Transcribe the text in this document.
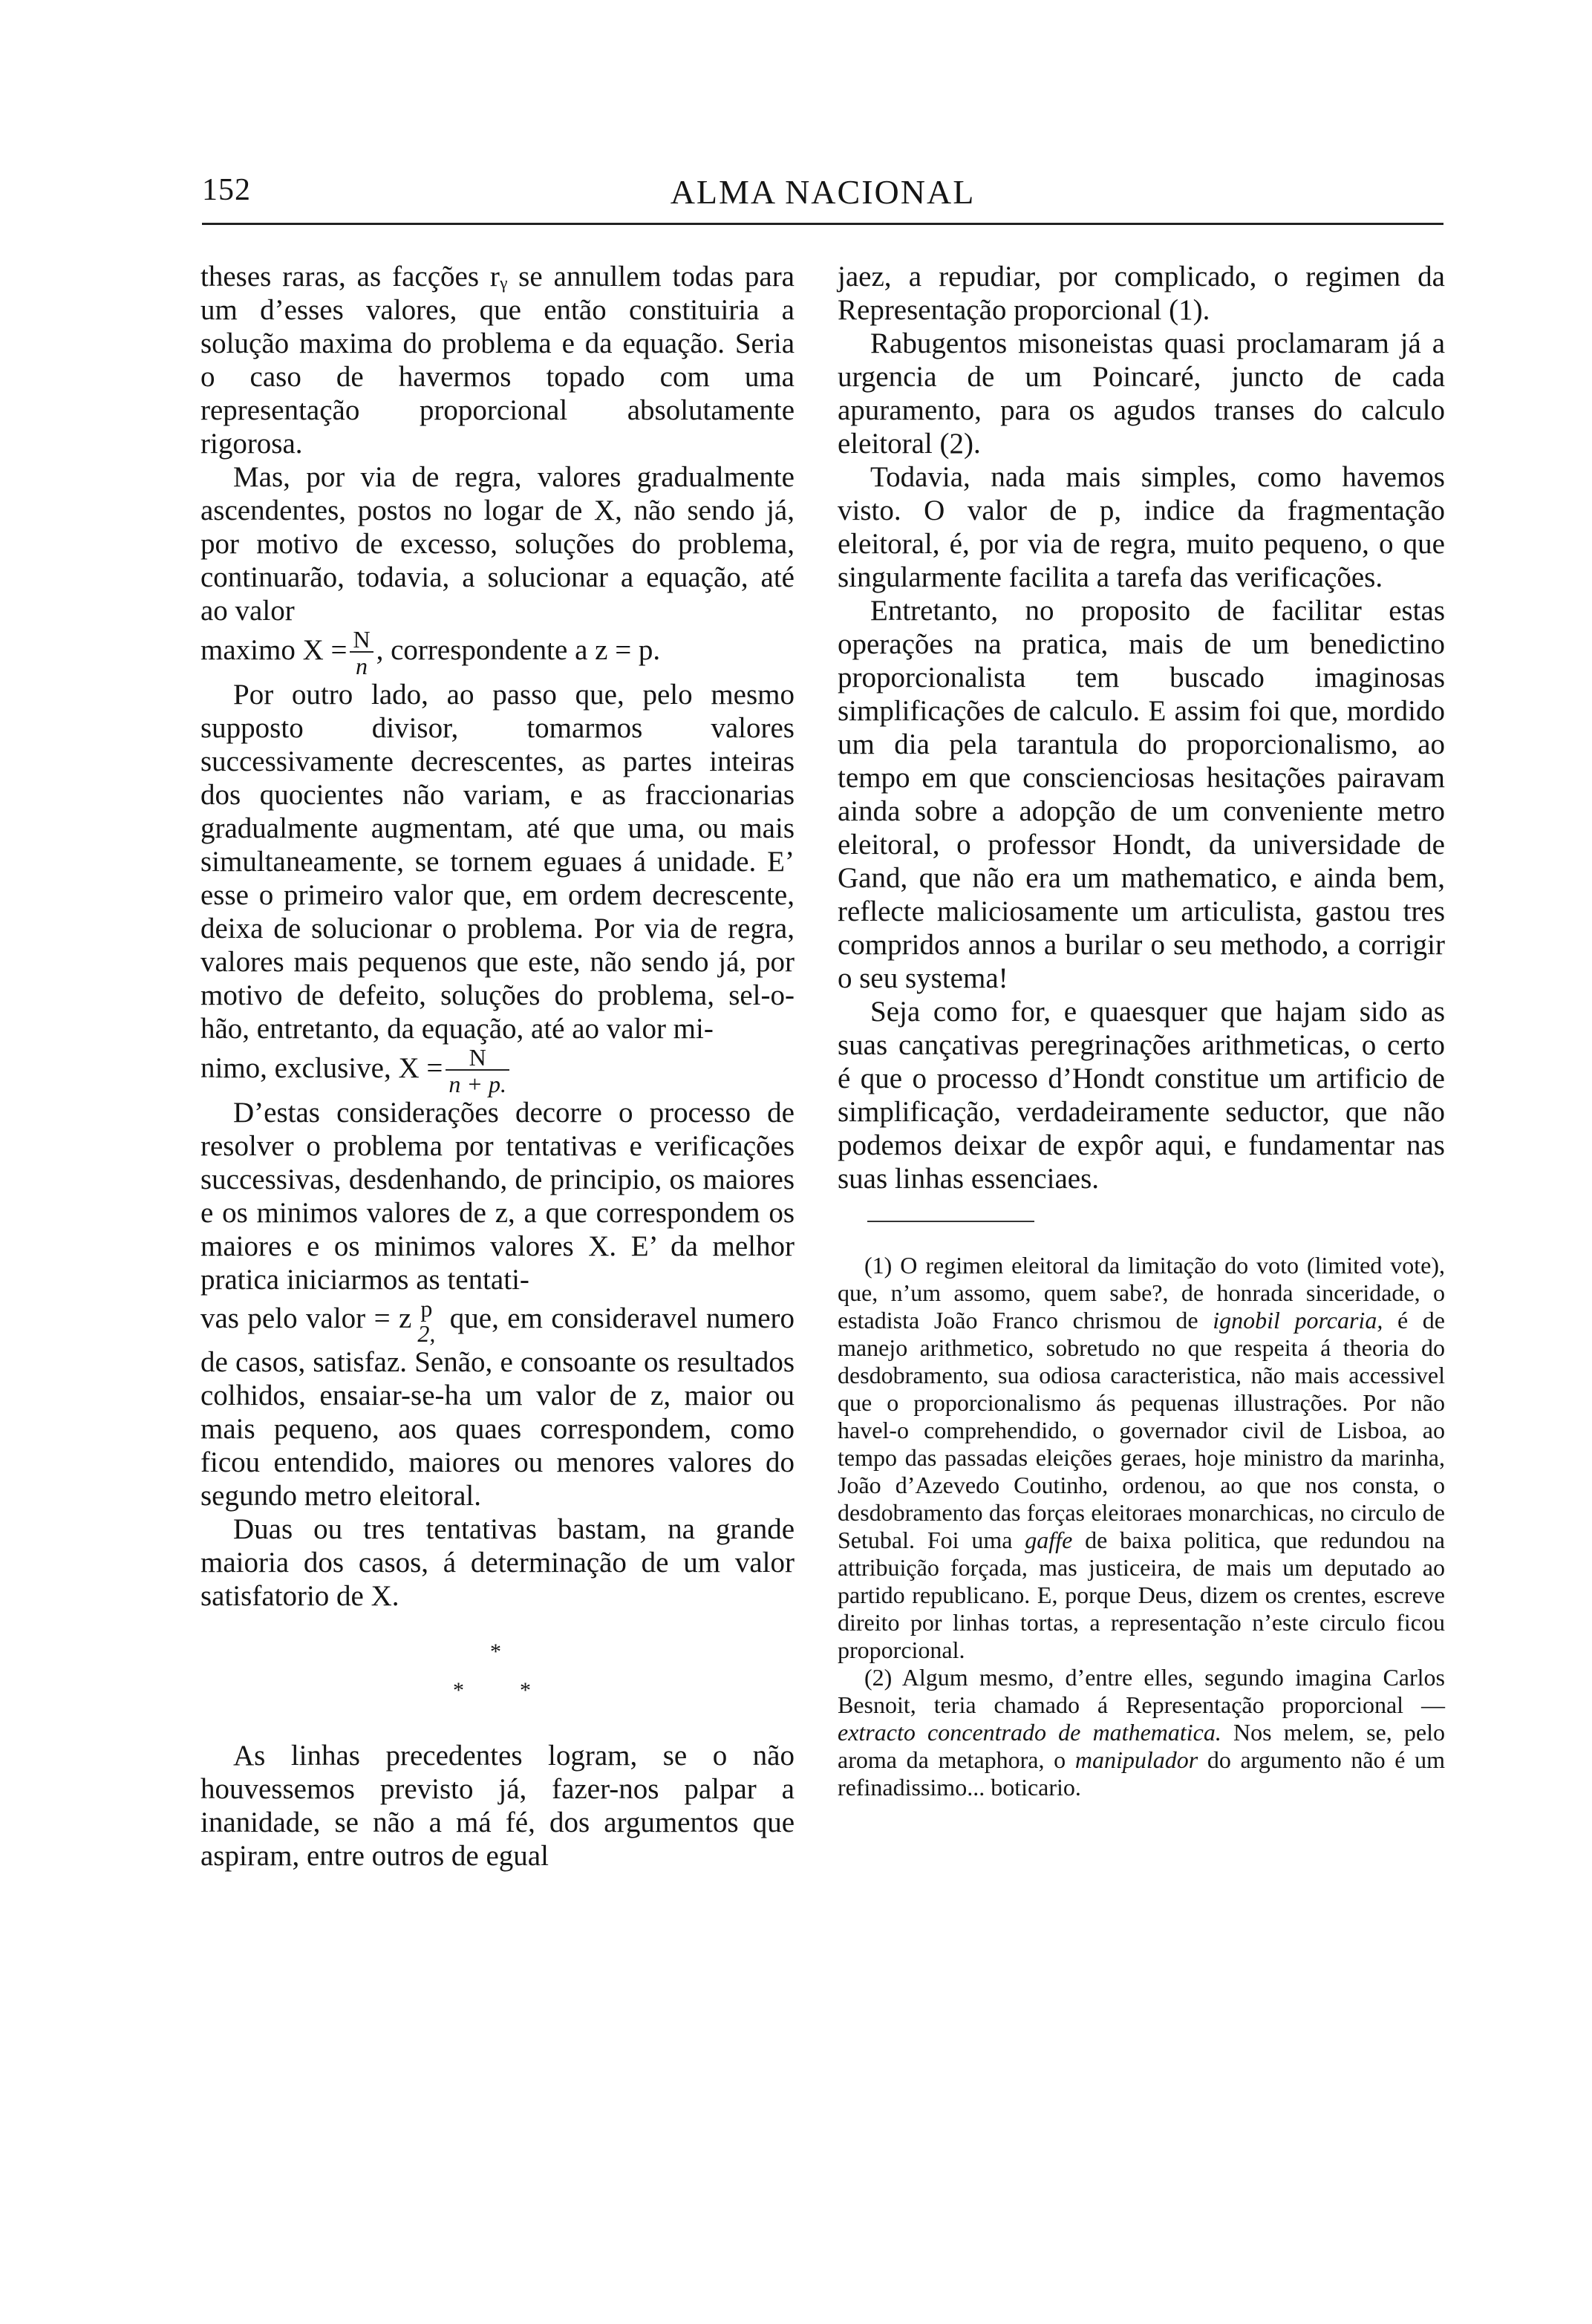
152	ALMA NACIONAL

theses raras, as facções rᵧ se annullem todas para um d’esses valores, que então constituiria a solução maxima do problema e da equação. Seria o caso de havermos topado com uma representação proporcional absolutamente rigorosa.

Mas, por via de regra, valores gradualmente ascendentes, postos no logar de X, não sendo já, por motivo de excesso, soluções do problema, continuarão, todavia, a solucionar a equação, até ao valor

maximo $X = \frac{N}{n}$ , correspondente a z = p.

Por outro lado, ao passo que, pelo mesmo supposto divisor, tomarmos valores successivamente decrescentes, as partes inteiras dos quocientes não variam, e as fraccionarias gradualmente augmentam, até que uma, ou mais simultaneamente, se tornem eguaes á unidade. E’ esse o primeiro valor que, em ordem decrescente, deixa de solucionar o problema. Por via de regra, valores mais pequenos que este, não sendo já, por motivo de defeito, soluções do problema, sel-o-hão, entretanto, da equação, até ao valor mi-

nimo, exclusive, $X = \frac{N}{n + p.}$

D’estas considerações decorre o processo de resolver o problema por tentativas e verificações successivas, desdenhando, de principio, os maiores e os minimos valores de z, a que correspondem os maiores e os minimos valores X. E’ da melhor pratica iniciarmos as tentati-

vas pelo valor = z p
2, que, em consideravel numero de casos, satisfaz. Senão, e consoante os resultados colhidos, ensaiar-se-ha um valor de z, maior ou mais pequeno, aos quaes correspondem, como ficou entendido, maiores ou menores valores do segundo metro eleitoral.

Duas ou tres tentativas bastam, na grande maioria dos casos, á determinação de um valor satisfatorio de X.

*
*	*

As linhas precedentes logram, se o não houvessemos previsto já, fazer-nos palpar a inanidade, se não a má fé, dos argumentos que aspiram, entre outros de egual

jaez, a repudiar, por complicado, o regimen da Representação proporcional (1).

Rabugentos misoneistas quasi proclamaram já a urgencia de um Poincaré, juncto de cada apuramento, para os agudos transes do calculo eleitoral (2).

Todavia, nada mais simples, como havemos visto. O valor de p, indice da fragmentação eleitoral, é, por via de regra, muito pequeno, o que singularmente facilita a tarefa das verificações.

Entretanto, no proposito de facilitar estas operações na pratica, mais de um benedictino proporcionalista tem buscado imaginosas simplificações de calculo. E assim foi que, mordido um dia pela tarantula do proporcionalismo, ao tempo em que conscienciosas hesitações pairavam ainda sobre a adopção de um conveniente metro eleitoral, o professor Hondt, da universidade de Gand, que não era um mathematico, e ainda bem, reflecte maliciosamente um articulista, gastou tres compridos annos a burilar o seu methodo, a corrigir o seu systema!

Seja como for, e quaesquer que hajam sido as suas cançativas peregrinações arithmeticas, o certo é que o processo d’Hondt constitue um artificio de simplificação, verdadeiramente seductor, que não podemos deixar de expôr aqui, e fundamentar nas suas linhas essenciaes.

(1) O regimen eleitoral da limitação do voto (limited vote), que, n’um assomo, quem sabe?, de honrada sinceridade, o estadista João Franco chrismou de ignobil porcaria, é de manejo arithmetico, sobretudo no que respeita á theoria do desdobramento, sua odiosa caracteristica, não mais accessivel que o proporcionalismo ás pequenas illustrações. Por não havel-o comprehendido, o governador civil de Lisboa, ao tempo das passadas eleições geraes, hoje ministro da marinha, João d’Azevedo Coutinho, ordenou, ao que nos consta, o desdobramento das forças eleitoraes monarchicas, no circulo de Setubal. Foi uma gaffe de baixa politica, que redundou na attribuição forçada, mas justiceira, de mais um deputado ao partido republicano. E, porque Deus, dizem os crentes, escreve direito por linhas tortas, a representação n’este circulo ficou proporcional.

(2) Algum mesmo, d’entre elles, segundo imagina Carlos Besnoit, teria chamado á Representação proporcional — extracto concentrado de mathematica. Nos melem, se, pelo aroma da metaphora, o manipulador do argumento não é um refinadissimo... boticario.
